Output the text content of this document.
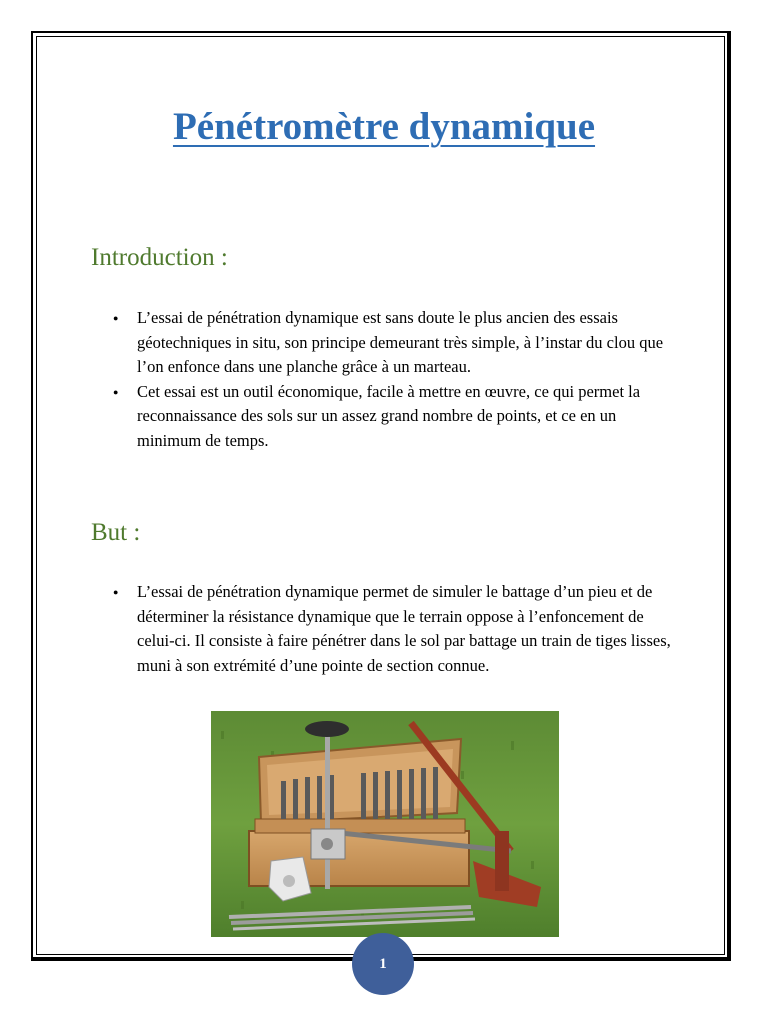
Pénétromètre dynamique
Introduction :
● L’essai de pénétration dynamique est sans doute le plus ancien des essais géotechniques in situ, son principe demeurant très simple, à l’instar du clou que l’on enfonce dans une planche grâce à un marteau.
● Cet essai est un outil économique, facile à mettre en œuvre, ce qui permet la reconnaissance des sols sur un assez grand nombre de points, et ce en un minimum de temps.
But :
● L’essai de pénétration dynamique permet de simuler le battage d’un pieu et de déterminer la résistance dynamique que le terrain oppose à l’enfoncement de celui-ci. Il consiste à faire pénétrer dans le sol par battage un train de tiges lisses, muni à son extrémité d’une pointe de section connue.
1
